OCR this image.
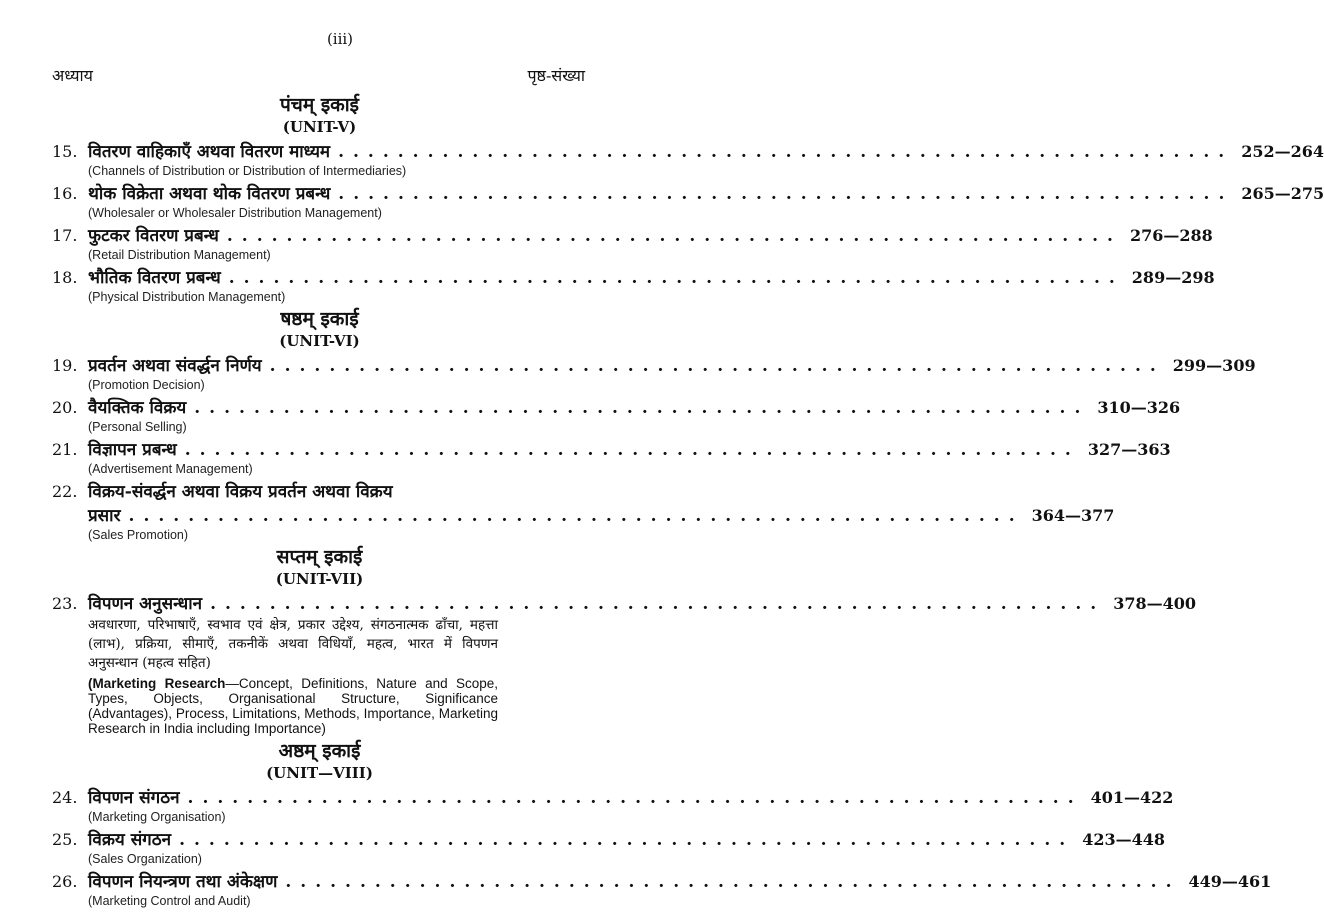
(iii)
अध्याय	पृष्ठ-संख्या
पंचम् इकाई
(UNIT-V)
15. वितरण वाहिकाएँ अथवा वितरण माध्यम ............................................................ 252—264
(Channels of Distribution or Distribution of Intermediaries)
16. थोक विक्रेता अथवा थोक वितरण प्रबन्ध ............................................................ 265—275
(Wholesaler or Wholesaler Distribution Management)
17. फुटकर वितरण प्रबन्ध ............................................................ 276—288
(Retail Distribution Management)
18. भौतिक वितरण प्रबन्ध ............................................................ 289—298
(Physical Distribution Management)
षष्ठम् इकाई
(UNIT-VI)
19. प्रवर्तन अथवा संवर्द्धन निर्णय ............................................................ 299—309
(Promotion Decision)
20. वैयक्तिक विक्रय ............................................................ 310—326
(Personal Selling)
21. विज्ञापन प्रबन्ध ............................................................ 327—363
(Advertisement Management)
22. विक्रय-संवर्द्धन अथवा विक्रय प्रवर्तन अथवा विक्रय
प्रसार ............................................................ 364—377
(Sales Promotion)
सप्तम् इकाई
(UNIT-VII)
23. विपणन अनुसन्धान ............................................................ 378—400
अवधारणा, परिभाषाएँ, स्वभाव एवं क्षेत्र, प्रकार उद्देश्य, संगठनात्मक ढाँचा, महत्ता (लाभ), प्रक्रिया, सीमाएँ, तकनीकें अथवा विधियाँ, महत्व, भारत में विपणन अनुसन्धान (महत्व सहित)
(Marketing Research—Concept, Definitions, Nature and Scope, Types, Objects, Organisational Structure, Significance (Advantages), Process, Limitations, Methods, Importance, Marketing Research in India including Importance)
अष्ठम् इकाई
(UNIT—VIII)
24. विपणन संगठन ............................................................ 401—422
(Marketing Organisation)
25. विक्रय संगठन ............................................................ 423—448
(Sales Organization)
26. विपणन नियन्त्रण तथा अंकेक्षण ............................................................ 449—461
(Marketing Control and Audit)
